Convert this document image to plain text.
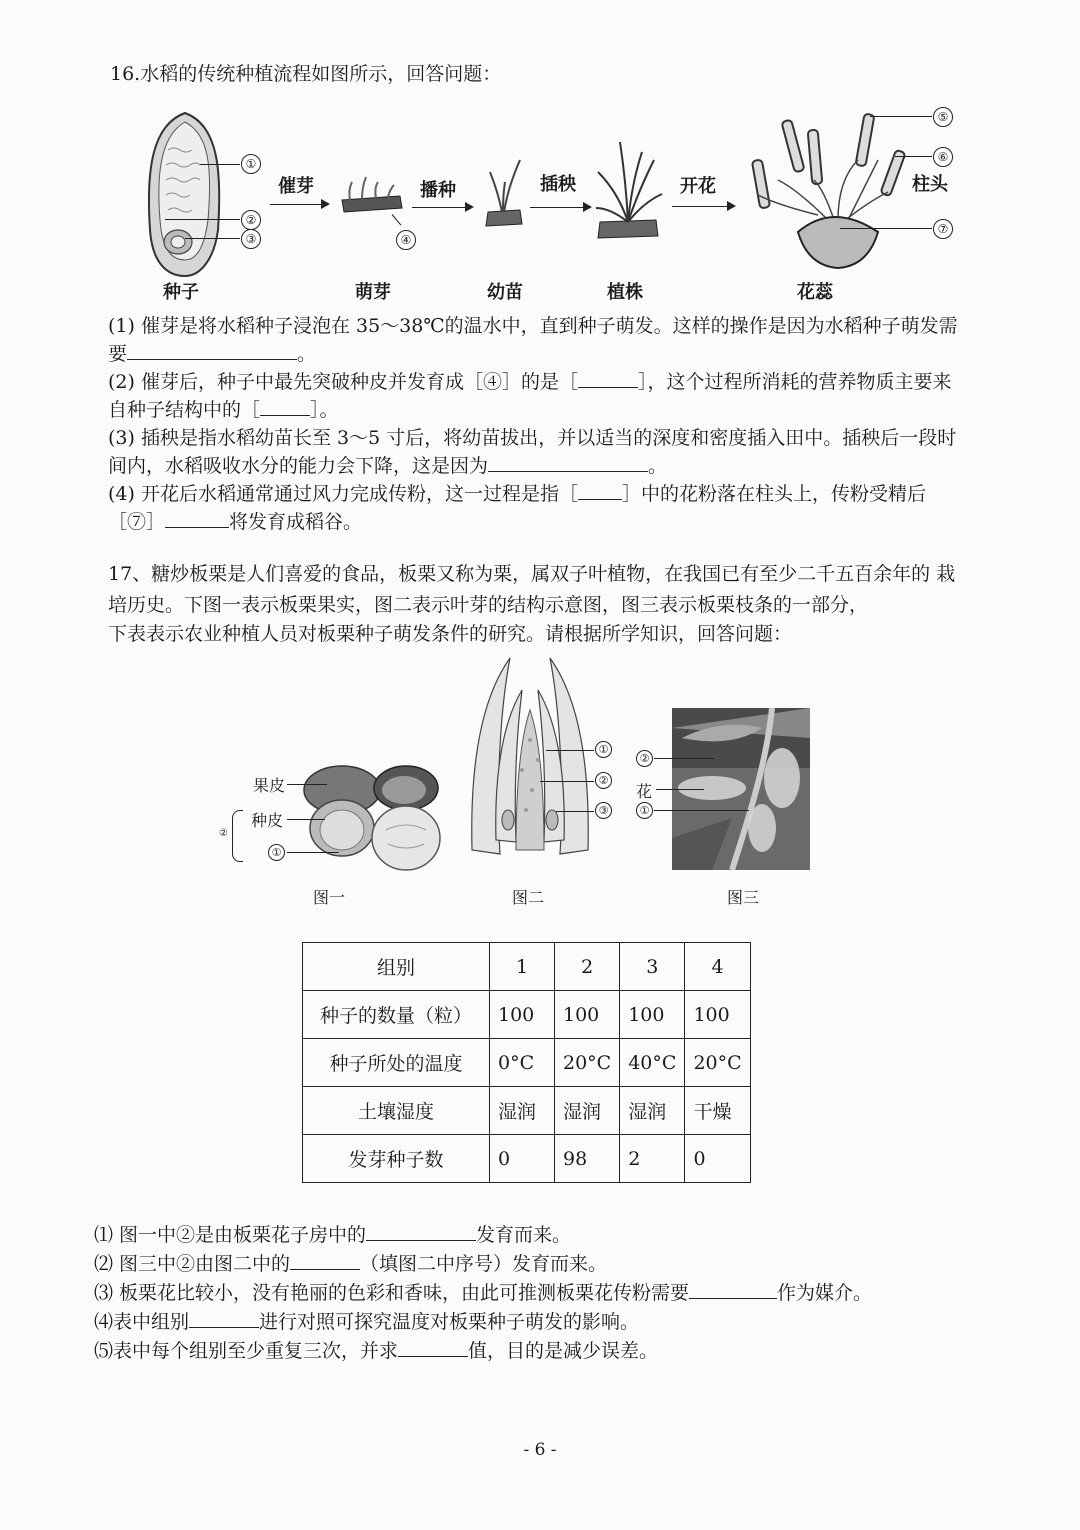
16.水稻的传统种植流程如图所示，回答问题：
①
②
③
种子
催芽
④
萌芽
播种
幼苗
插秧
植株
开花
⑤
⑥
柱头
⑦
花蕊
(1) 催芽是将水稻种子浸泡在 35～38℃的温水中，直到种子萌发。这样的操作是因为水稻种子萌发需
要	。
(2) 催芽后，种子中最先突破种皮并发育成［④］的是［	］，这个过程所消耗的营养物质主要来
自种子结构中的［	］。
(3) 插秧是指水稻幼苗长至 3～5 寸后，将幼苗拔出，并以适当的深度和密度插入田中。插秧后一段时
间内，水稻吸收水分的能力会下降，这是因为	。
(4) 开花后水稻通常通过风力完成传粉，这一过程是指［ ］中的花粉落在柱头上，传粉受精后
［⑦］	将发育成稻谷。
17、糖炒板栗是人们喜爱的食品，板栗又称为栗，属双子叶植物，在我国已有至少二千五百余年的 栽
培历史。下图一表示板栗果实，图二表示叶芽的结构示意图，图三表示板栗枝条的一部分，
下表表示农业种植人员对板栗种子萌发条件的研究。请根据所学知识，回答问题：
果皮
种皮
①
②
图一
①
②
③
图二
②
花
①
图三
组别	1	2	3	4
种子的数量（粒）	100	100	100	100
种子所处的温度	0°C	20°C	40°C	20°C
土壤湿度	湿润	湿润	湿润	干燥
发芽种子数	0	98	2	0
⑴ 图一中②是由板栗花子房中的	发育而来。
⑵ 图三中②由图二中的	（填图二中序号）发育而来。
⑶ 板栗花比较小，没有艳丽的色彩和香味，由此可推测板栗花传粉需要	作为媒介。
⑷表中组别	进行对照可探究温度对板栗种子萌发的影响。
⑸表中每个组别至少重复三次，并求	值，目的是减少误差。
- 6 -
